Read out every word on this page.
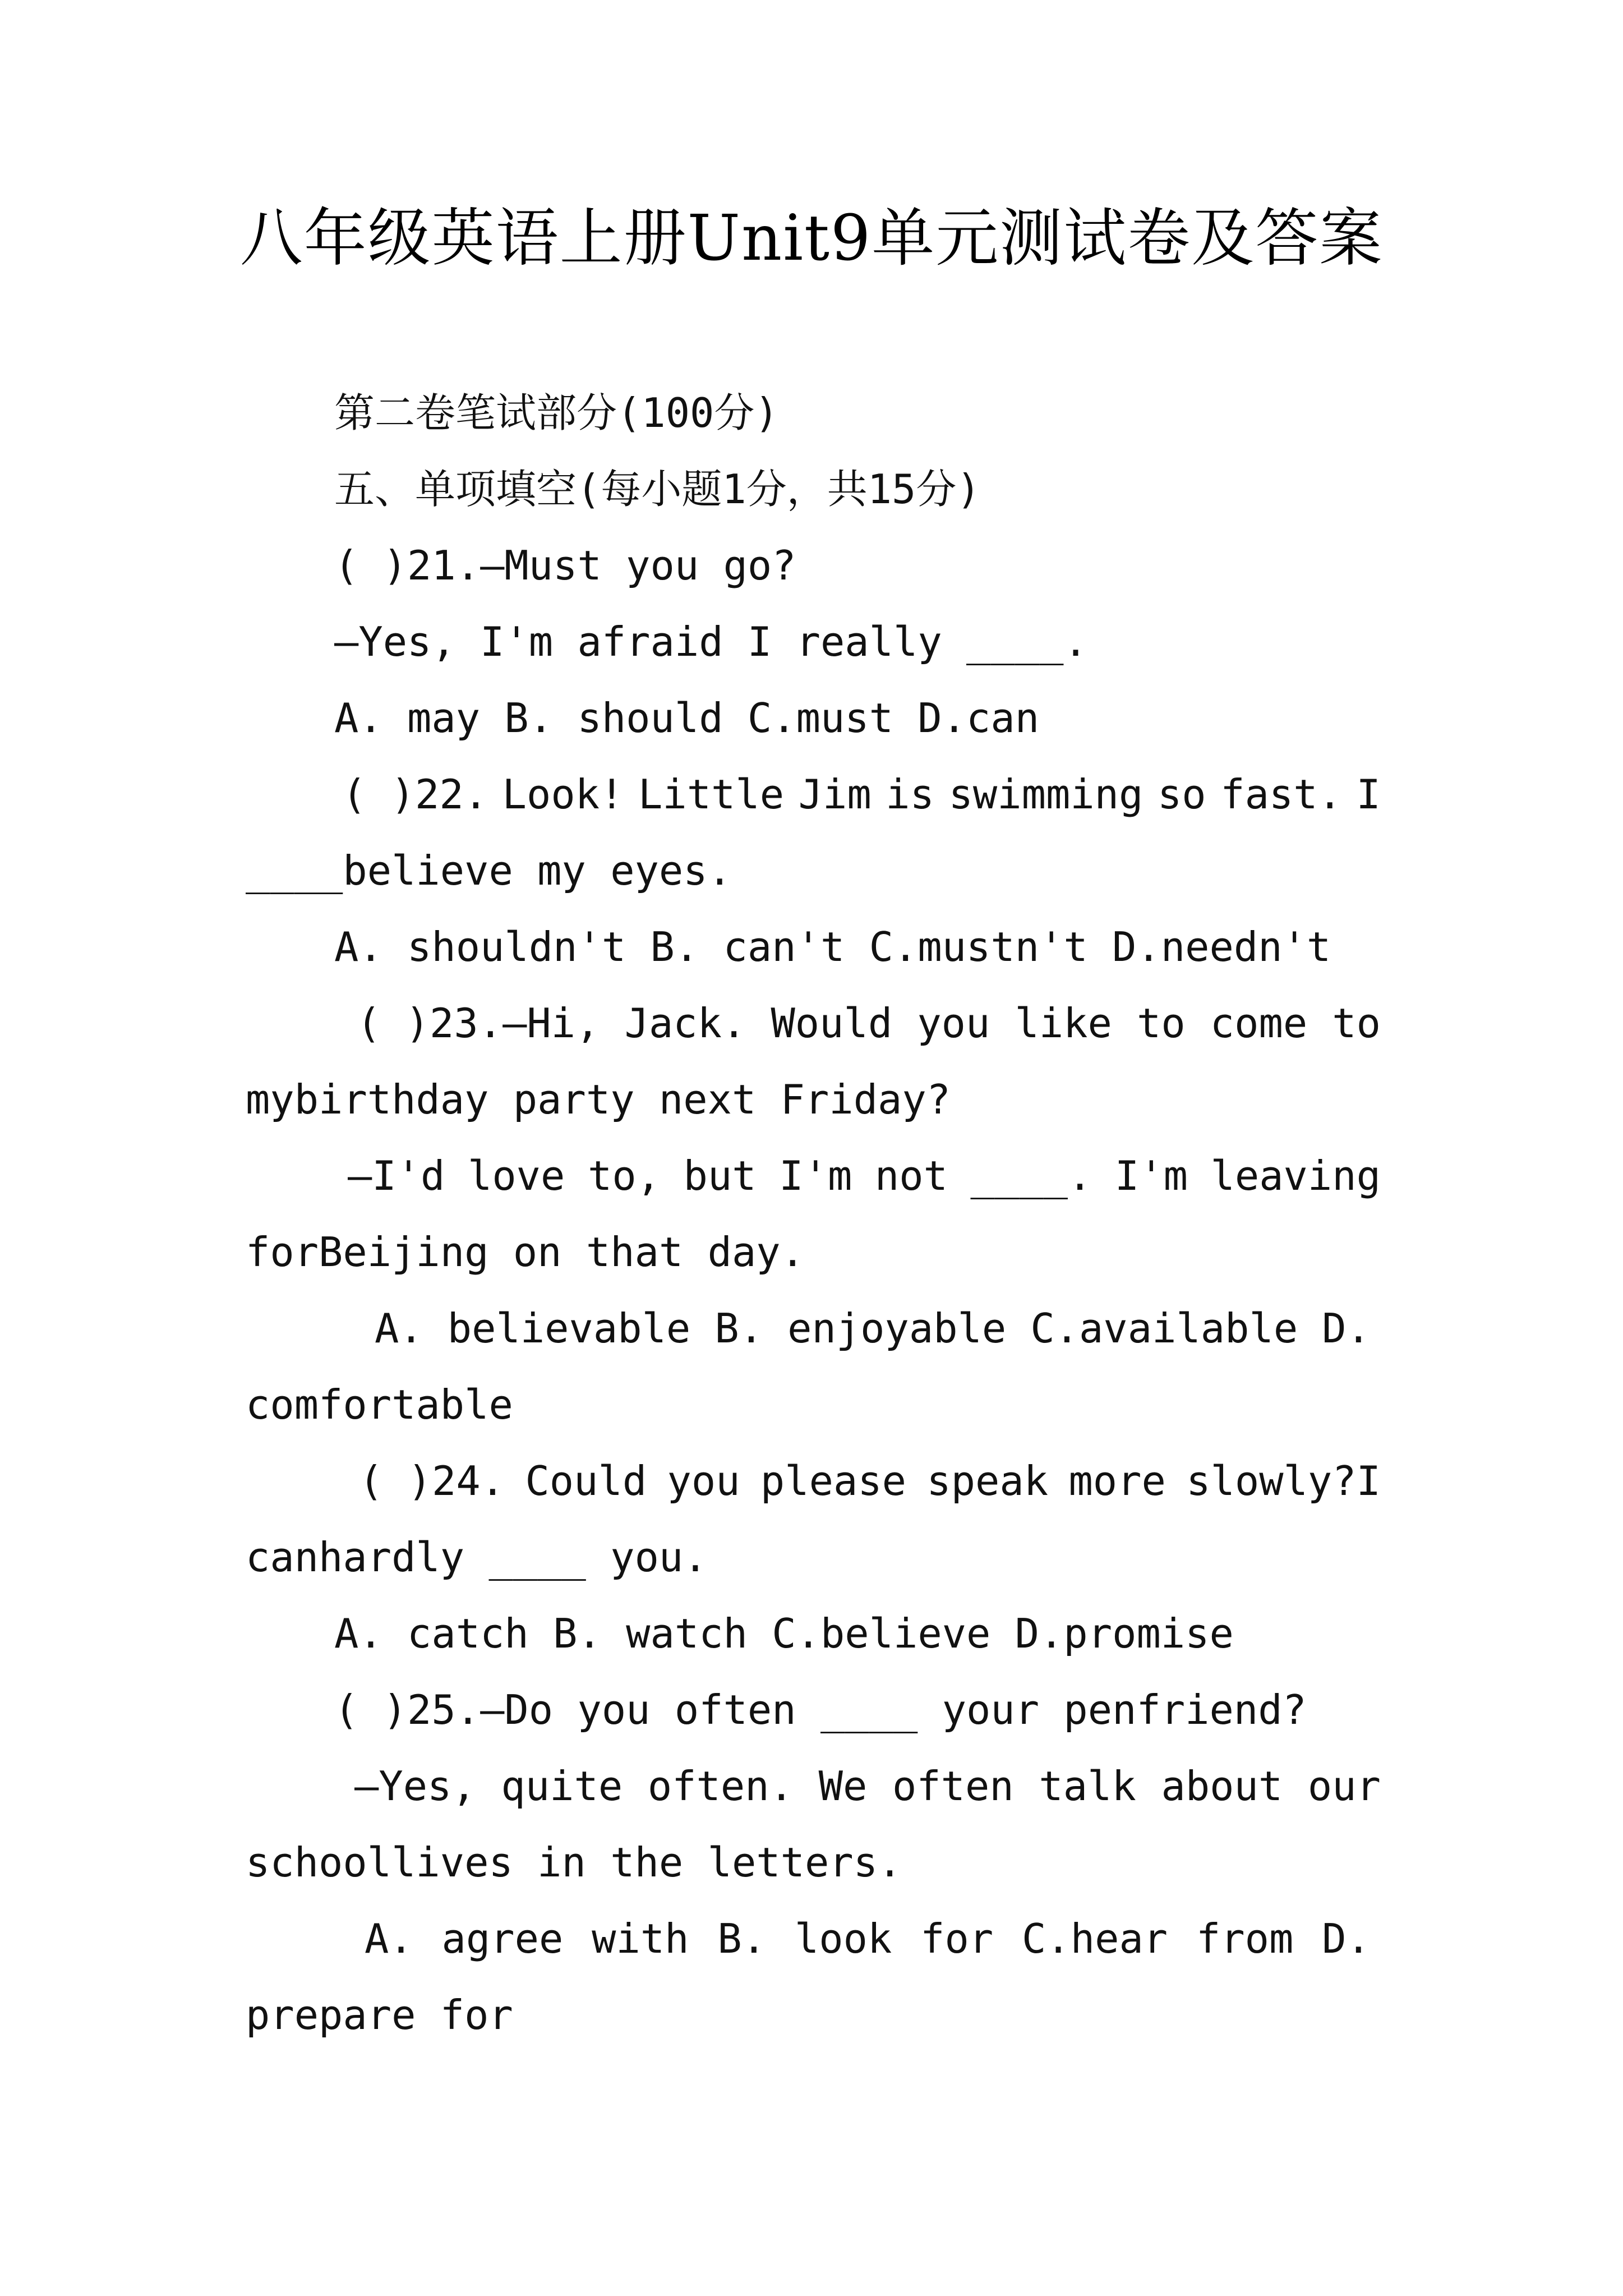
八年级英语上册Unit9单元测试卷及答案
第二卷笔试部分(100分)
五、单项填空(每小题1分，共15分)
( )21.—Must you go?
—Yes, I'm afraid I really ____.
A. may B. should C.must D.can
( )22. Look! Little Jim is swimming so fast. I
____believe my eyes.
A. shouldn't B. can't C.mustn't D.needn't
( )23.—Hi, Jack. Would you like to come to
mybirthday party next Friday?
—I'd love to, but I'm not ____. I'm leaving
forBeijing on that day.
A. believable B. enjoyable C.available D.
comfortable
( )24. Could you please speak more slowly?I
canhardly ____ you.
A. catch B. watch C.believe D.promise
( )25.—Do you often ____ your penfriend?
—Yes, quite often. We often talk about our
schoollives in the letters.
A. agree with B. look for C.hear from D.
prepare for
